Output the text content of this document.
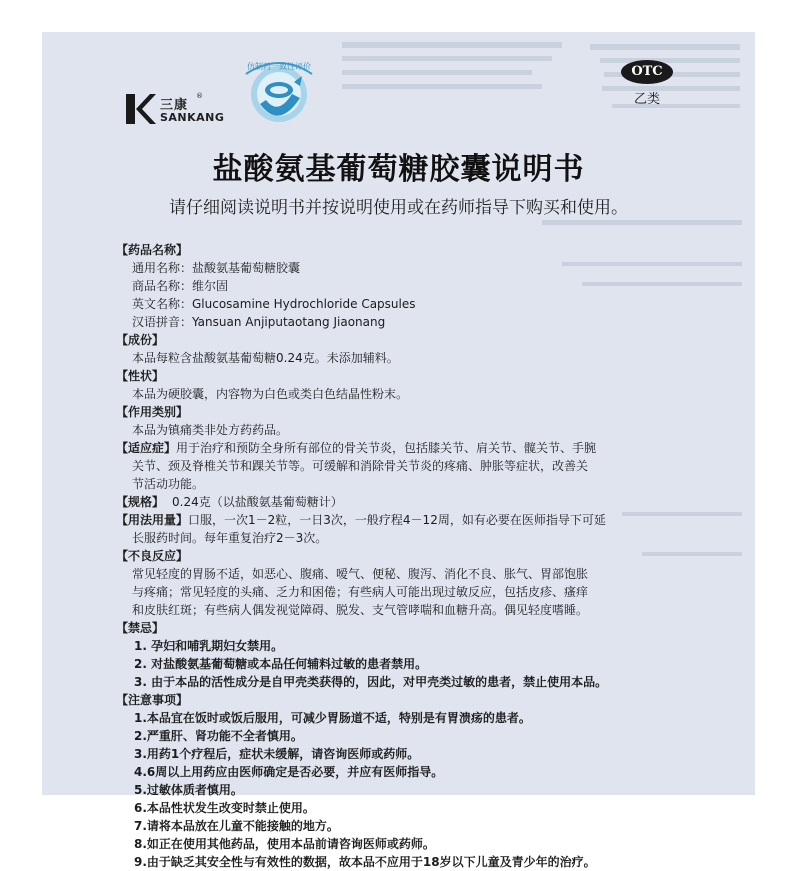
三康
®
SANKANG
仿制药一致性评价	OTC
乙类
盐酸氨基葡萄糖胶囊说明书
请仔细阅读说明书并按说明使用或在药师指导下购买和使用。

【药品名称】

通用名称：盐酸氨基葡萄糖胶囊

商品名称：维尔固

英文名称：Glucosamine Hydrochloride Capsules

汉语拼音：Yansuan Anjiputaotang Jiaonang

【成份】

本品每粒含盐酸氨基葡萄糖0.24克。未添加辅料。

【性状】

本品为硬胶囊，内容物为白色或类白色结晶性粉末。

【作用类别】

本品为镇痛类非处方药药品。

【适应症】用于治疗和预防全身所有部位的骨关节炎，包括膝关节、肩关节、髋关节、手腕

关节、颈及脊椎关节和踝关节等。可缓解和消除骨关节炎的疼痛、肿胀等症状，改善关

节活动功能。

【规格】 0.24克（以盐酸氨基葡萄糖计）

【用法用量】口服，一次1－2粒，一日3次，一般疗程4－12周，如有必要在医师指导下可延

长服药时间。每年重复治疗2－3次。

【不良反应】

常见轻度的胃肠不适，如恶心、腹痛、嗳气、便秘、腹泻、消化不良、胀气、胃部饱胀

与疼痛；常见轻度的头痛、乏力和困倦；有些病人可能出现过敏反应，包括皮疹、瘙痒

和皮肤红斑；有些病人偶发视觉障碍、脱发、支气管哮喘和血糖升高。偶见轻度嗜睡。

【禁忌】

1. 孕妇和哺乳期妇女禁用。

2. 对盐酸氨基葡萄糖或本品任何辅料过敏的患者禁用。

3. 由于本品的活性成分是自甲壳类获得的，因此，对甲壳类过敏的患者，禁止使用本品。

【注意事项】

1.本品宜在饭时或饭后服用，可减少胃肠道不适，特别是有胃溃疡的患者。

2.严重肝、肾功能不全者慎用。

3.用药1个疗程后，症状未缓解，请咨询医师或药师。

4.6周以上用药应由医师确定是否必要，并应有医师指导。

5.过敏体质者慎用。

6.本品性状发生改变时禁止使用。

7.请将本品放在儿童不能接触的地方。

8.如正在使用其他药品，使用本品前请咨询医师或药师。

9.由于缺乏其安全性与有效性的数据，故本品不应用于18岁以下儿童及青少年的治疗。
